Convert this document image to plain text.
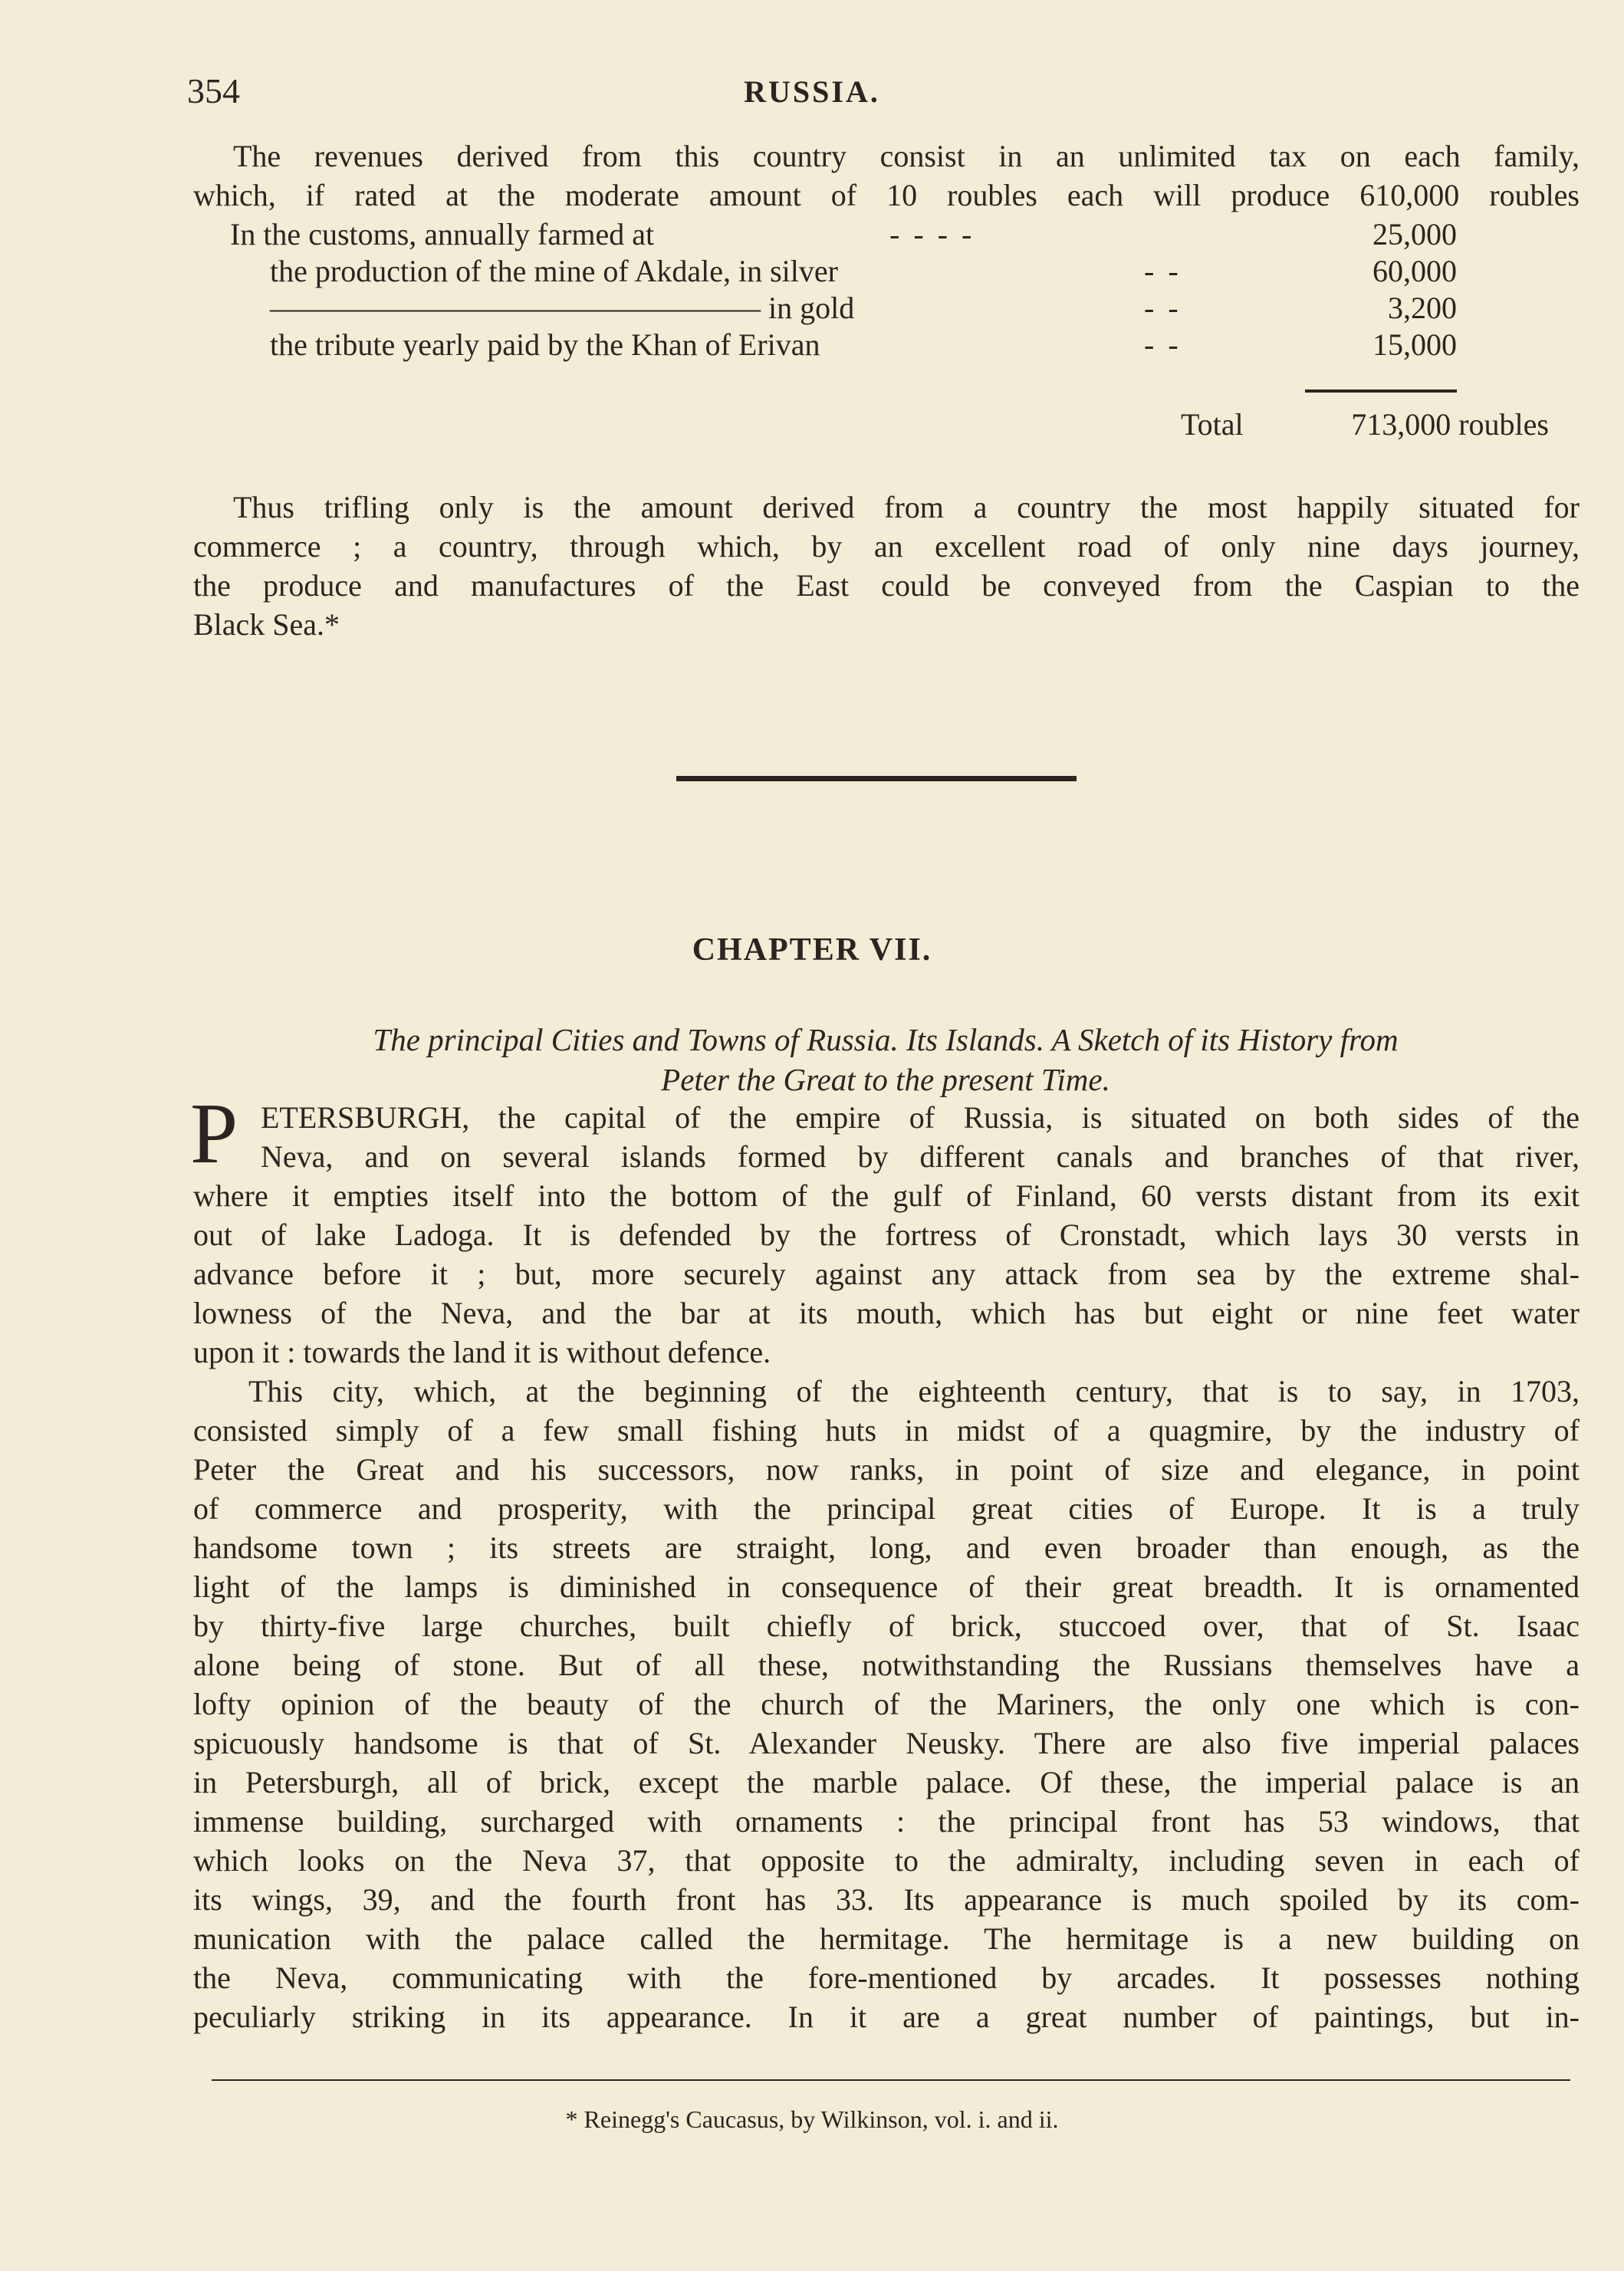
354	RUSSIA.
The revenues derived from this country consist in an unlimited tax on each family,
which, if rated at the moderate amount of 10 roubles each will produce 610,000 roubles
In the customs, annually farmed at	- - - -	25,000
the production of the mine of Akdale, in silver	- -	60,000
———————————————— in gold	- -	3,200
the tribute yearly paid by the Khan of Erivan	- -	15,000
Total	713,000 roubles
Thus trifling only is the amount derived from a country the most happily situated for
commerce ; a country, through which, by an excellent road of only nine days journey,
the produce and manufactures of the East could be conveyed from the Caspian to the
Black Sea.*
CHAPTER VII.
The principal Cities and Towns of Russia. Its Islands. A Sketch of its History from
Peter the Great to the present Time.
P ETERSBURGH, the capital of the empire of Russia, is situated on both sides of the
Neva, and on several islands formed by different canals and branches of that river,
where it empties itself into the bottom of the gulf of Finland, 60 versts distant from its exit
out of lake Ladoga. It is defended by the fortress of Cronstadt, which lays 30 versts in
advance before it ; but, more securely against any attack from sea by the extreme shal-
lowness of the Neva, and the bar at its mouth, which has but eight or nine feet water
upon it : towards the land it is without defence.
This city, which, at the beginning of the eighteenth century, that is to say, in 1703,
consisted simply of a few small fishing huts in midst of a quagmire, by the industry of
Peter the Great and his successors, now ranks, in point of size and elegance, in point
of commerce and prosperity, with the principal great cities of Europe. It is a truly
handsome town ; its streets are straight, long, and even broader than enough, as the
light of the lamps is diminished in consequence of their great breadth. It is ornamented
by thirty-five large churches, built chiefly of brick, stuccoed over, that of St. Isaac
alone being of stone. But of all these, notwithstanding the Russians themselves have a
lofty opinion of the beauty of the church of the Mariners, the only one which is con-
spicuously handsome is that of St. Alexander Neusky. There are also five imperial palaces
in Petersburgh, all of brick, except the marble palace. Of these, the imperial palace is an
immense building, surcharged with ornaments : the principal front has 53 windows, that
which looks on the Neva 37, that opposite to the admiralty, including seven in each of
its wings, 39, and the fourth front has 33. Its appearance is much spoiled by its com-
munication with the palace called the hermitage. The hermitage is a new building on
the Neva, communicating with the fore-mentioned by arcades. It possesses nothing
peculiarly striking in its appearance. In it are a great number of paintings, but in-
* Reinegg's Caucasus, by Wilkinson, vol. i. and ii.
